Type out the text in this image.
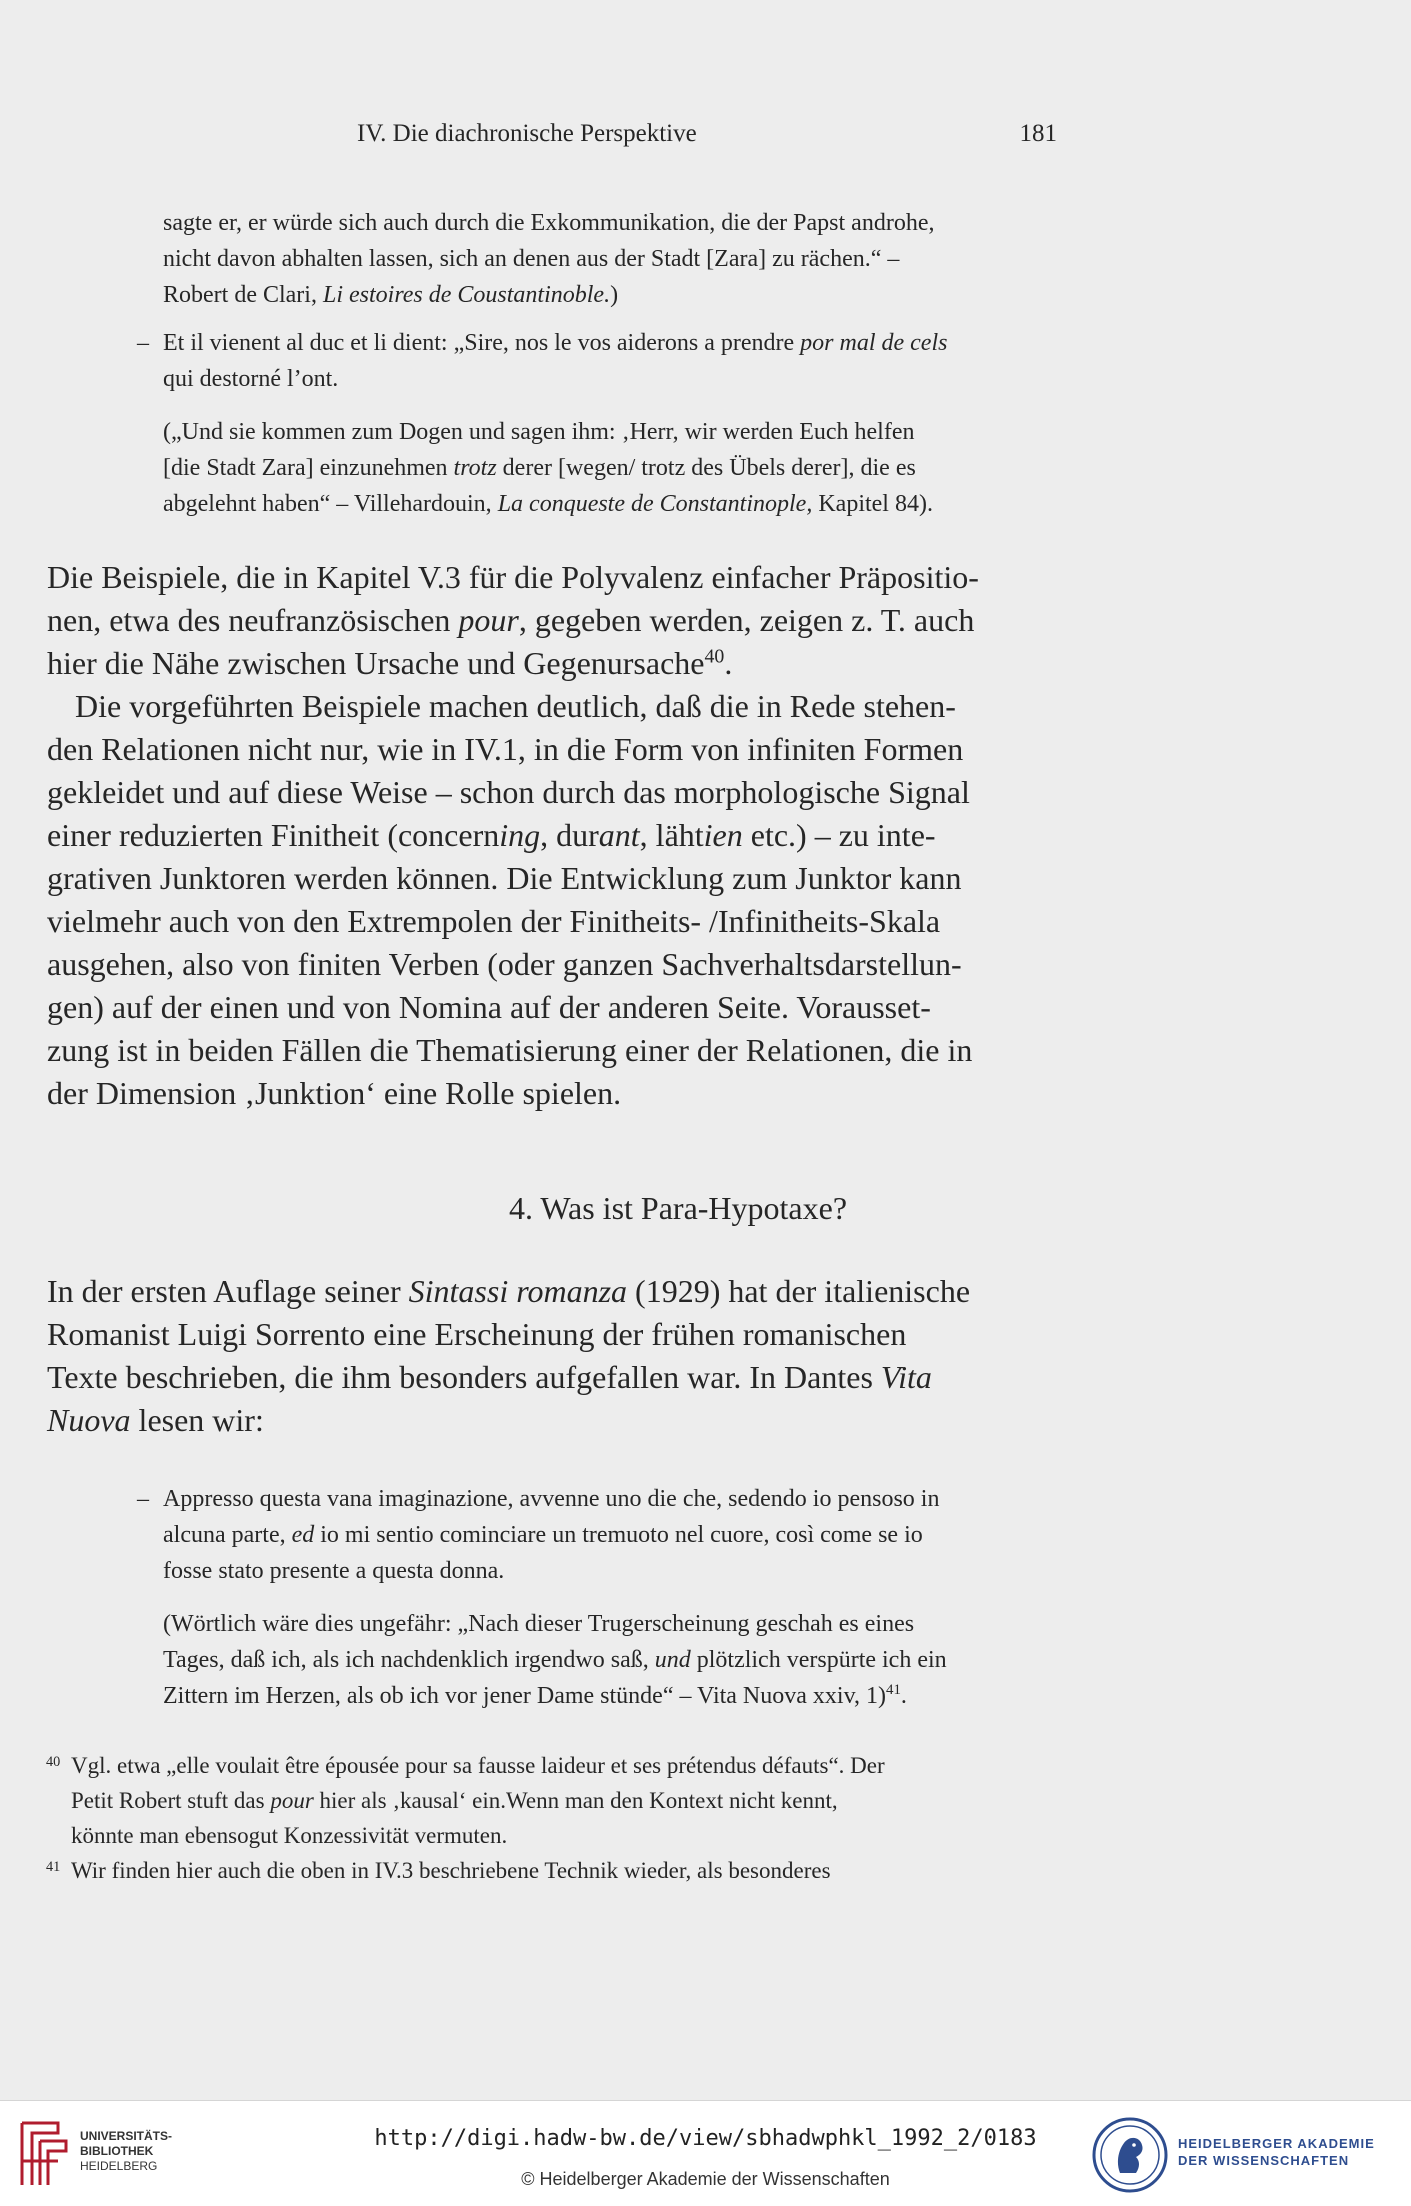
IV. Die diachronische Perspektive	181
sagte er, er würde sich auch durch die Exkommunikation, die der Papst androhe,
nicht davon abhalten lassen, sich an denen aus der Stadt [Zara] zu rächen.“ –
Robert de Clari, Li estoires de Coustantinoble.)
– Et il vienent al duc et li dient: „Sire, nos le vos aiderons a prendre por mal de cels
qui destorné l’ont.
(„Und sie kommen zum Dogen und sagen ihm: ‚Herr, wir werden Euch helfen
[die Stadt Zara] einzunehmen trotz derer [wegen/ trotz des Übels derer], die es
abgelehnt haben“ – Villehardouin, La conqueste de Constantinople, Kapitel 84).
Die Beispiele, die in Kapitel V.3 für die Polyvalenz einfacher Präpositio-
nen, etwa des neufranzösischen pour, gegeben werden, zeigen z. T. auch
hier die Nähe zwischen Ursache und Gegenursache$^{40}$.
Die vorgeführten Beispiele machen deutlich, daß die in Rede stehen-
den Relationen nicht nur, wie in IV.1, in die Form von infiniten Formen
gekleidet und auf diese Weise – schon durch das morphologische Signal
einer reduzierten Finitheit (concerning, durant, lähtien etc.) – zu inte-
grativen Junktoren werden können. Die Entwicklung zum Junktor kann
vielmehr auch von den Extrempolen der Finitheits- /Infinitheits-Skala
ausgehen, also von finiten Verben (oder ganzen Sachverhaltsdarstellun-
gen) auf der einen und von Nomina auf der anderen Seite. Vorausset-
zung ist in beiden Fällen die Thematisierung einer der Relationen, die in
der Dimension ‚Junktion‘ eine Rolle spielen.
4. Was ist Para-Hypotaxe?
In der ersten Auflage seiner Sintassi romanza (1929) hat der italienische
Romanist Luigi Sorrento eine Erscheinung der frühen romanischen
Texte beschrieben, die ihm besonders aufgefallen war. In Dantes Vita
Nuova lesen wir:
– Appresso questa vana imaginazione, avvenne uno die che, sedendo io pensoso in
alcuna parte, ed io mi sentio cominciare un tremuoto nel cuore, così come se io
fosse stato presente a questa donna.
(Wörtlich wäre dies ungefähr: „Nach dieser Trugerscheinung geschah es eines
Tages, daß ich, als ich nachdenklich irgendwo saß, und plötzlich verspürte ich ein
Zittern im Herzen, als ob ich vor jener Dame stünde“ – Vita Nuova xxiv, 1)$^{41}$.
40 Vgl. etwa „elle voulait être épousée pour sa fausse laideur et ses prétendus défauts“. Der
Petit Robert stuft das pour hier als ‚kausal‘ ein.Wenn man den Kontext nicht kennt,
könnte man ebensogut Konzessivität vermuten.
41 Wir finden hier auch die oben in IV.3 beschriebene Technik wieder, als besonderes
UNIVERSITÄTS-
BIBLIOTHEK
HEIDELBERG
http://digi.hadw-bw.de/view/sbhadwphkl_1992_2/0183
© Heidelberger Akademie der Wissenschaften
HEIDELBERGER AKADEMIE
DER WISSENSCHAFTEN
